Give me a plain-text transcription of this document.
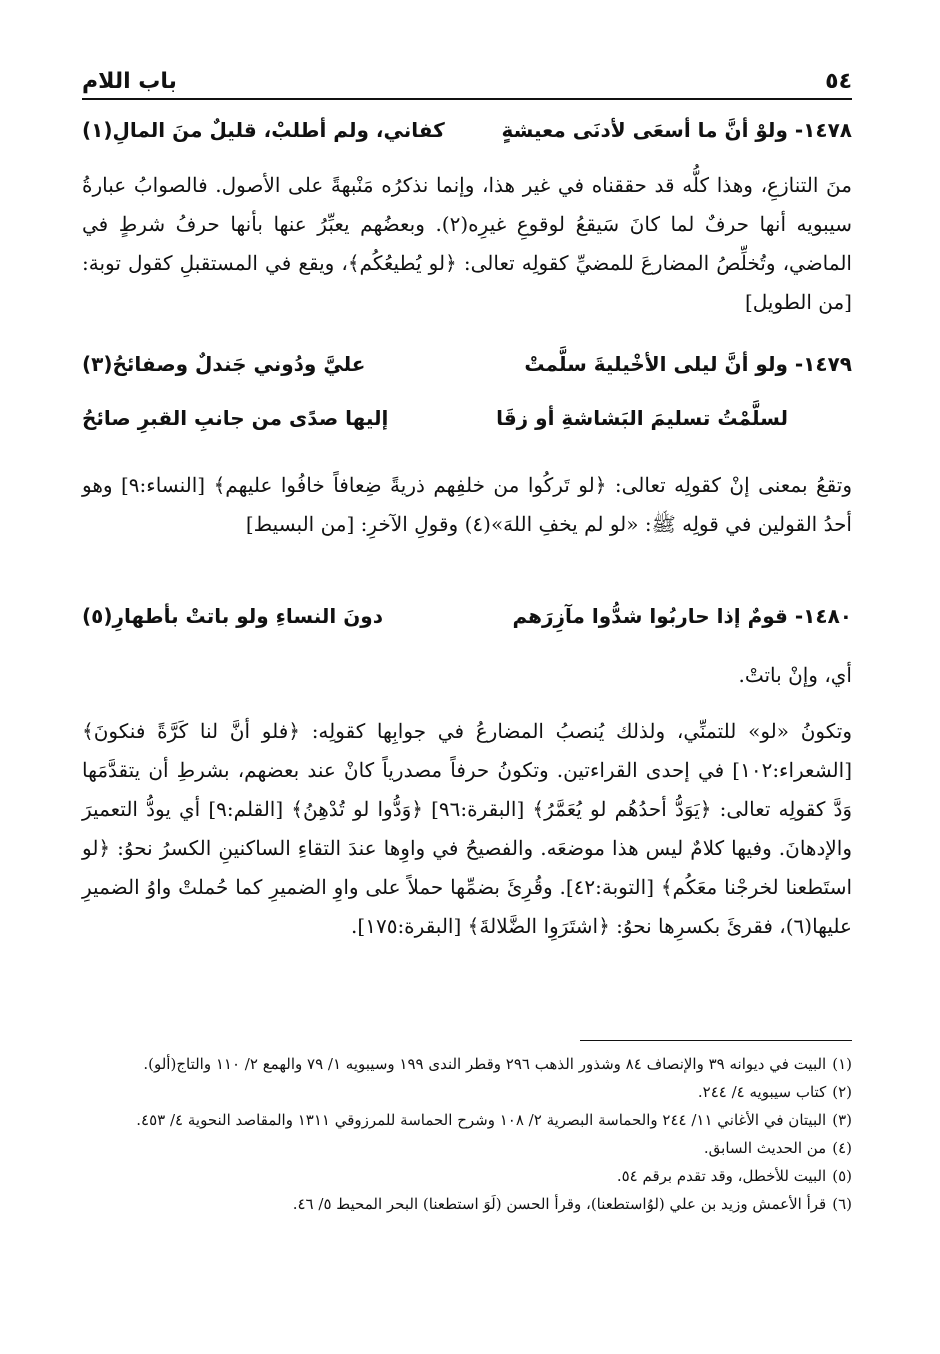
٥٤
باب اللام
١٤٧٨- ولوْ أنَّ ما أسعَى لأدنَى معيشةٍ
كفاني، ولم أطلبْ، قليلٌ منَ المالِ(١)

منَ التنازعِ، وهذا كلُّه قد حققناه في غير هذا، وإنما نذكرُه مَنْبهةً على الأصول. فالصوابُ عبارةُ سيبويه أنها حرفٌ لما كانَ سَيقعُ لوقوعِ غيرِه(٢). وبعضُهم يعبِّرُ عنها بأنها حرفُ شرطٍ في الماضي، وتُخلِّصُ المضارعَ للمضيِّ كقولِه تعالى: ﴿لو يُطيعُكُم﴾، ويقع في المستقبلِ كقول توبة: [من الطويل]

١٤٧٩- ولو أنَّ ليلى الأخْيليةَ سلَّمتْ
عليَّ ودُوني جَندلٌ وصفائحُ(٣)
لسلَّمْتُ تسليمَ البَشاشةِ أو زقَا
إليها صدًى من جانبِ القبرِ صائحُ

وتقعُ بمعنى إنْ كقولِه تعالى: ﴿لو تَركُوا من خلفِهم ذريةً ضِعافاً خافُوا عليهم﴾ [النساء:٩] وهو أحدُ القولين في قولِه ﷺ: «لو لم يخفِ اللهَ»(٤) وقولِ الآخرِ: [من البسيط]

١٤٨٠- قومٌ إذا حاربُوا شدُّوا مآزِرَهم
دونَ النساءِ ولو باتتْ بأطهارِ(٥)

أي، وإنْ باتتْ.

وتكونُ «لو» للتمنِّي، ولذلك يُنصبُ المضارعُ في جوابِها كقولِه: ﴿فلو أنَّ لنا كَرَّةً فنكونَ﴾ [الشعراء:١٠٢] في إحدى القراءتين. وتكونُ حرفاً مصدرياً كانْ عند بعضهم، بشرطِ أن يتقدَّمَها وَدَّ كقولِه تعالى: ﴿يَوَدُّ أحدُهُم لو يُعَمَّرُ﴾ [البقرة:٩٦] ﴿وَدُّوا لو تُدْهِنُ﴾ [القلم:٩] أي يودُّ التعميرَ والإدهانَ. وفيها كلامٌ ليس هذا موضعَه. والفصيحُ في واوِها عندَ التقاءِ الساكنينِ الكسرُ نحوُ: ﴿لو استَطعنا لخرجْنا معَكُم﴾ [التوبة:٤٢]. وقُرِئَ بضمِّها حملاً على واوِ الضميرِ كما حُملتْ واوُ الضميرِ عليها(٦)، فقرئَ بكسرِها نحوُ: ﴿اشتَرَوِا الضَّلالةَ﴾ [البقرة:١٧٥].

(١)البيت في ديوانه ٣٩ والإنصاف ٨٤ وشذور الذهب ٢٩٦ وقطر الندى ١٩٩ وسيبويه ١/ ٧٩ والهمع ٢/ ١١٠ والتاج(ألو).

(٢)كتاب سيبويه ٤/ ٢٤٤.

(٣)البيتان في الأغاني ١١/ ٢٤٤ والحماسة البصرية ٢/ ١٠٨ وشرح الحماسة للمرزوقي ١٣١١ والمقاصد النحوية ٤/ ٤٥٣.

(٤)من الحديث السابق.

(٥)البيت للأخطل، وقد تقدم برقم ٥٤.

(٦)قرأ الأعمش وزيد بن علي (لوُاستطعنا)، وقرأ الحسن (لَوَ استطعنا) البحر المحيط ٥/ ٤٦.
